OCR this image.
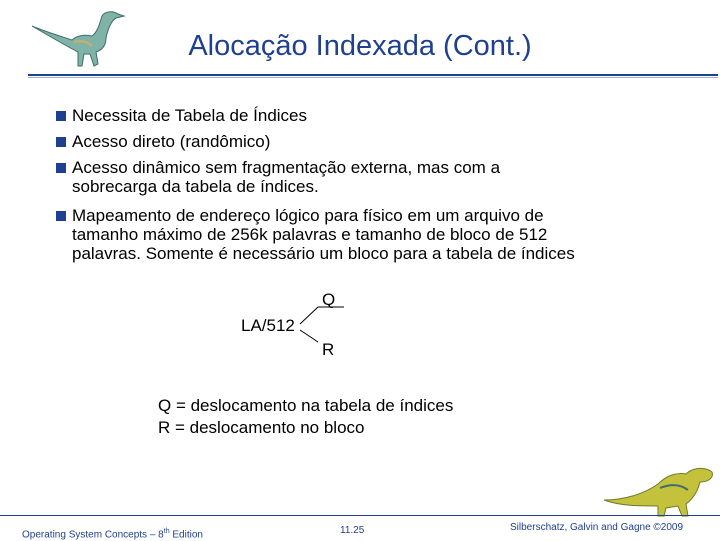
Alocação Indexada (Cont.)
Necessita de Tabela de Índices
Acesso direto (randômico)
Acesso dinâmico sem fragmentação externa, mas com a sobrecarga da tabela de índices.
Mapeamento de endereço lógico para físico em um arquivo de tamanho máximo de 256k palavras e tamanho de bloco de 512 palavras. Somente é necessário um bloco para a tabela de índices
LA/512
Q
R
Q = deslocamento na tabela de índices
R = deslocamento no bloco
Operating System Concepts – 8th Edition	11.25	Silberschatz, Galvin and Gagne ©2009
